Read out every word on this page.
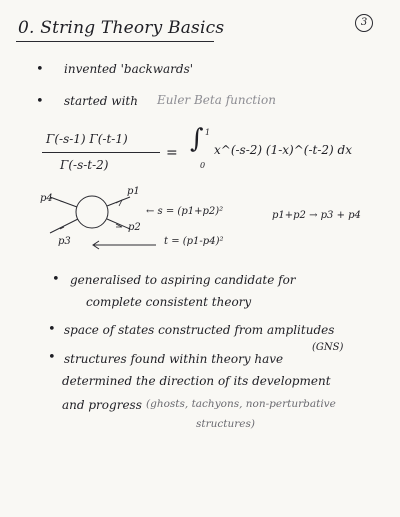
0. String Theory Basics	3
• invented 'backwards'
• started with Euler Beta function
Γ(-s-1) Γ(-t-1)
Γ(-s-t-2)
= ∫ 1
0
x^(-s-2) (1-x)^(-t-2) dx
p4
p3
p1
p2
← s = (p1+p2)²
t = (p1-p4)²
p1+p2 → p3 + p4
• generalised to aspiring candidate for
complete consistent theory
• space of states constructed from amplitudes
(GNS)
• structures found within theory have
determined the direction of its development
and progress (ghosts, tachyons, non-perturbative
structures)
